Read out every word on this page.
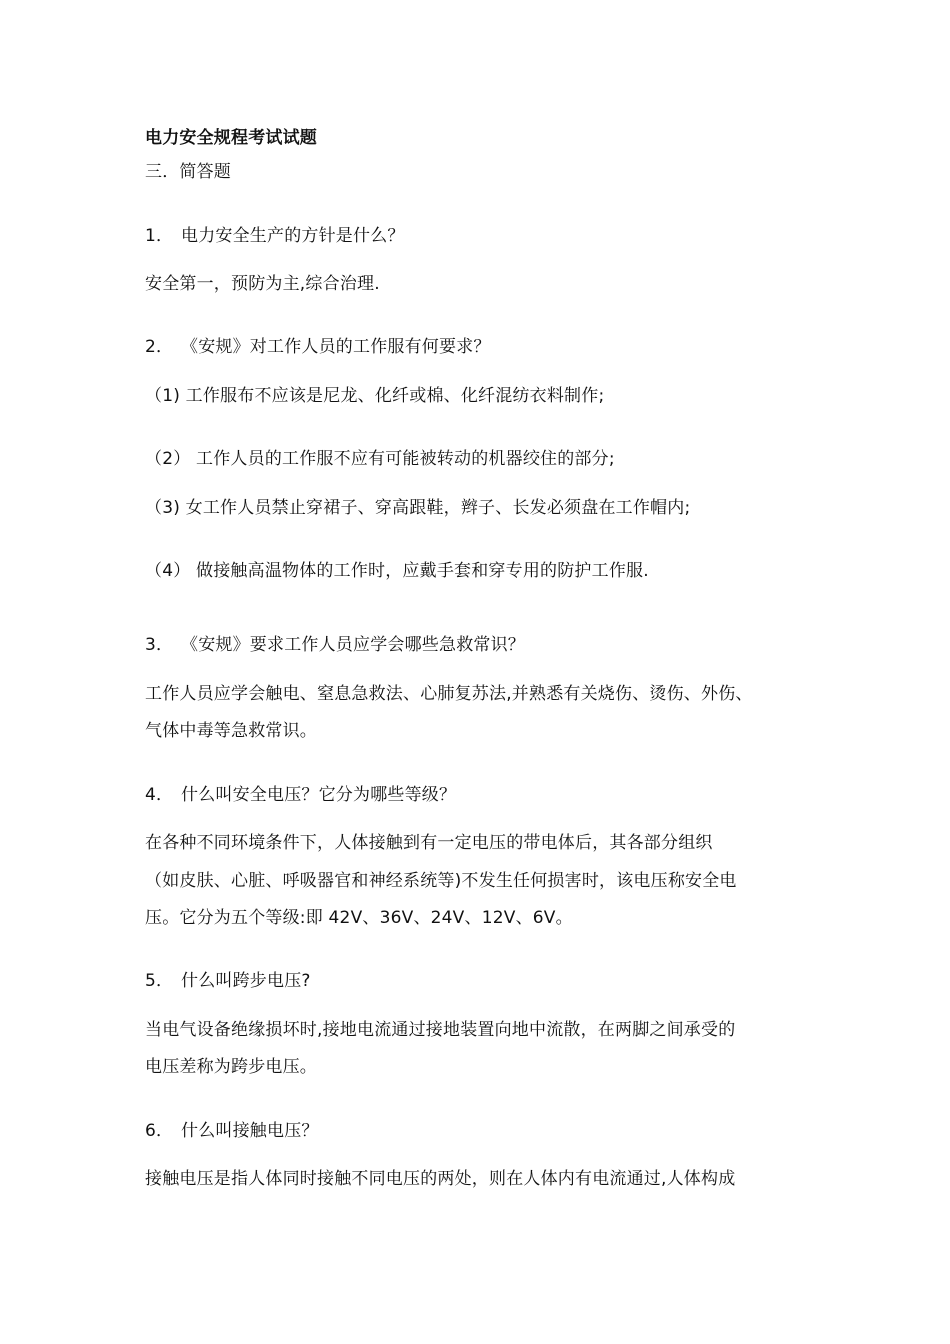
电力安全规程考试试题
三．简答题
1． 电力安全生产的方针是什么？
安全第一，预防为主,综合治理.
2． 《安规》对工作人员的工作服有何要求？
（1) 工作服布不应该是尼龙、化纤或棉、化纤混纺衣料制作;
（2） 工作人员的工作服不应有可能被转动的机器绞住的部分;
（3) 女工作人员禁止穿裙子、穿高跟鞋，辫子、长发必须盘在工作帽内;
（4） 做接触高温物体的工作时，应戴手套和穿专用的防护工作服.
3． 《安规》要求工作人员应学会哪些急救常识？
工作人员应学会触电、窒息急救法、心肺复苏法,并熟悉有关烧伤、烫伤、外伤、
气体中毒等急救常识。
4． 什么叫安全电压？它分为哪些等级？
在各种不同环境条件下，人体接触到有一定电压的带电体后，其各部分组织
（如皮肤、心脏、呼吸器官和神经系统等)不发生任何损害时，该电压称安全电
压。它分为五个等级:即 42V、36V、24V、12V、6V。
5． 什么叫跨步电压?
当电气设备绝缘损坏时,接地电流通过接地装置向地中流散，在两脚之间承受的
电压差称为跨步电压。
6． 什么叫接触电压？
接触电压是指人体同时接触不同电压的两处，则在人体内有电流通过,人体构成
